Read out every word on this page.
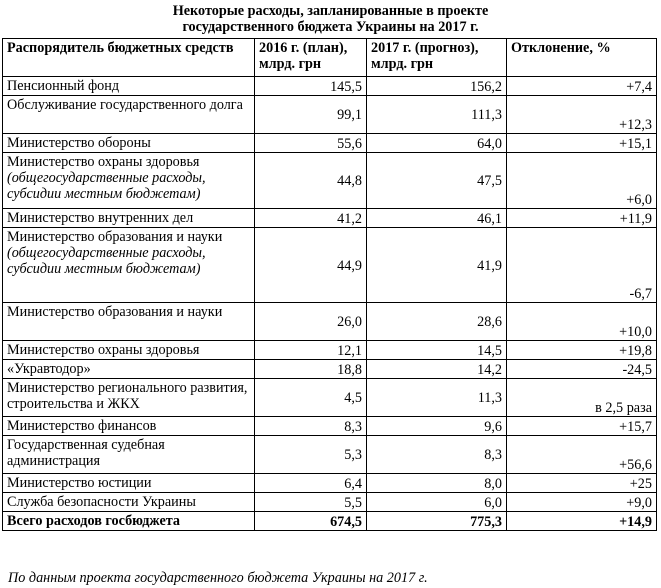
Некоторые расходы, запланированные в проекте
государственного бюджета Украины на 2017 г.
Распорядитель бюджетных средств	2016 г. (план), млрд. грн	2017 г. (прогноз), млрд. грн	Отклонение, %
Пенсионный фонд	145,5	156,2	+7,4
Обслуживание государственного долга	99,1	111,3	+12,3
Министерство обороны	55,6	64,0	+15,1
Министерство охраны здоровья (общегосударственные расходы, субсидии местным бюджетам)	44,8	47,5	+6,0
Министерство внутренних дел	41,2	46,1	+11,9
Министерство образования и науки (общегосударственные расходы, субсидии местным бюджетам)	44,9	41,9	-6,7
Министерство образования и науки	26,0	28,6	+10,0
Министерство охраны здоровья	12,1	14,5	+19,8
«Укравтодор»	18,8	14,2	-24,5
Министерство регионального развития, строительства и ЖКХ	4,5	11,3	в 2,5 раза
Министерство финансов	8,3	9,6	+15,7
Государственная судебная администрация	5,3	8,3	+56,6
Министерство юстиции	6,4	8,0	+25
Служба безопасности Украины	5,5	6,0	+9,0
Всего расходов госбюджета	674,5	775,3	+14,9
По данным проекта государственного бюджета Украины на 2017 г.
